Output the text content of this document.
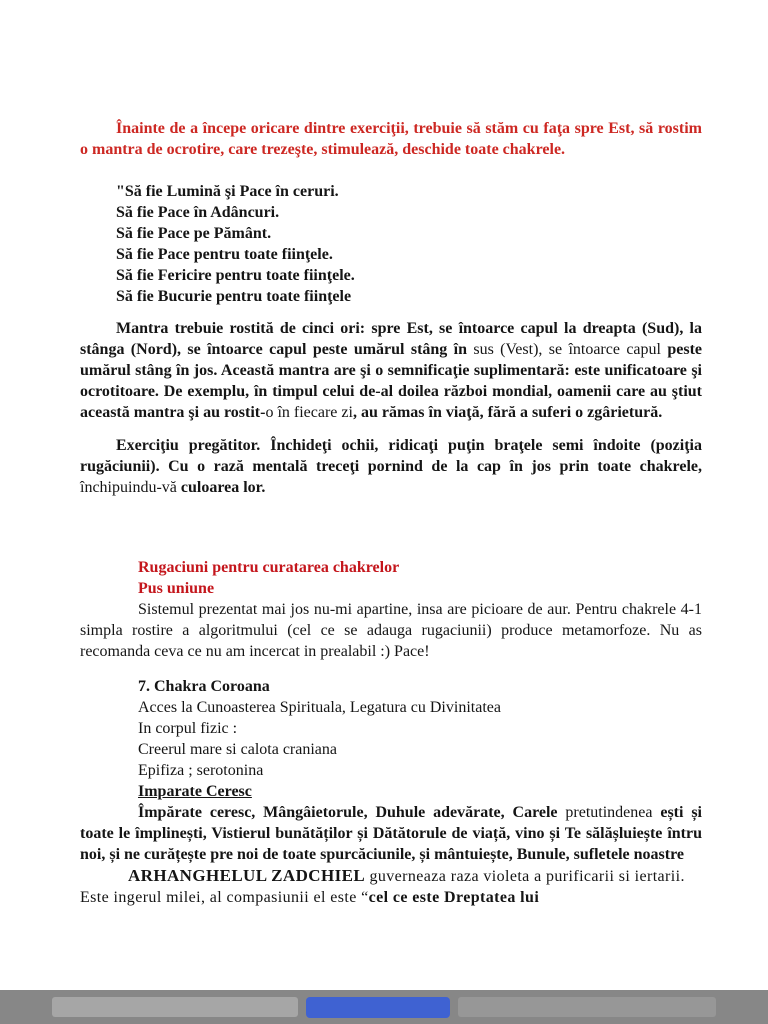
Înainte de a începe oricare dintre exerciţii, trebuie să stăm cu faţa spre Est, să rostim o mantra de ocrotire, care trezeşte, stimulează, deschide toate chakrele.

"Să fie Lumină şi Pace în ceruri.

Să fie Pace în Adâncuri.

Să fie Pace pe Pământ.

Să fie Pace pentru toate fiinţele.

Să fie Fericire pentru toate fiinţele.

Să fie Bucurie pentru toate fiinţele

Mantra trebuie rostită de cinci ori: spre Est, se întoarce capul la dreapta (Sud), la stânga (Nord), se întoarce capul peste umărul stâng în sus (Vest), se întoarce capul peste umărul stâng în jos. Această mantra are şi o semnificaţie suplimentară: este unificatoare şi ocrotitoare. De exemplu, în timpul celui de-al doilea război mondial, oamenii care au ştiut această mantra şi au rostit-o în fiecare zi, au rămas în viaţă, fără a suferi o zgârietură.

Exerciţiu pregătitor. Închideţi ochii, ridicaţi puţin braţele semi îndoite (poziţia rugăciunii). Cu o rază mentală treceţi pornind de la cap în jos prin toate chakrele, închipuindu-vă culoarea lor.

Rugaciuni pentru curatarea chakrelor

Pus uniune

Sistemul prezentat mai jos nu-mi apartine, insa are picioare de aur. Pentru chakrele 4-1 simpla rostire a algoritmului (cel ce se adauga rugaciunii) produce metamorfoze. Nu as recomanda ceva ce nu am incercat in prealabil :) Pace!

7. Chakra Coroana

Acces la Cunoasterea Spirituala, Legatura cu Divinitatea

In corpul fizic :

Creerul mare si calota craniana

Epifiza ; serotonina

Imparate Ceresc

Împărate ceresc, Mângâietorule, Duhule adevărate, Carele pretutindenea ești și toate le împlinești, Vistierul bunătăților și Dătătorule de viață, vino și Te sălășluiește întru noi, și ne curățește pre noi de toate spurcăciunile, și mântuiește, Bunule, sufletele noastre

ARHANGHELUL ZADCHIEL guverneaza raza violeta a purificarii si iertarii. Este ingerul milei, al compasiunii el este “cel ce este Dreptatea lui
